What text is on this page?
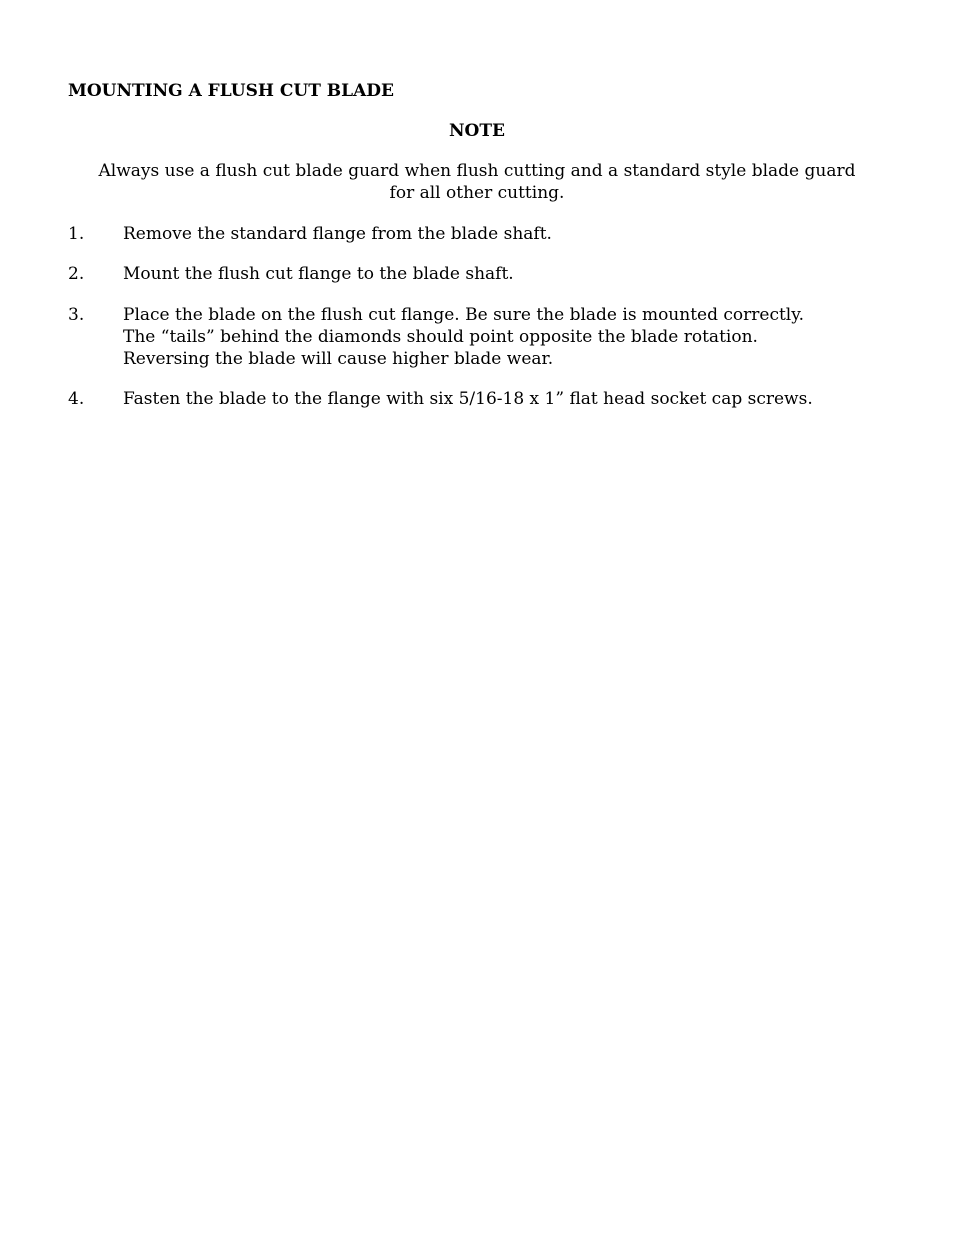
MOUNTING A FLUSH CUT BLADE
NOTE
Always use a flush cut blade guard when flush cutting and a standard style blade guard
for all other cutting.
1. Remove the standard flange from the blade shaft.
2. Mount the flush cut flange to the blade shaft.
3. Place the blade on the flush cut flange. Be sure the blade is mounted correctly.
The “tails” behind the diamonds should point opposite the blade rotation.
Reversing the blade will cause higher blade wear.
4. Fasten the blade to the flange with six 5/16-18 x 1” flat head socket cap screws.
